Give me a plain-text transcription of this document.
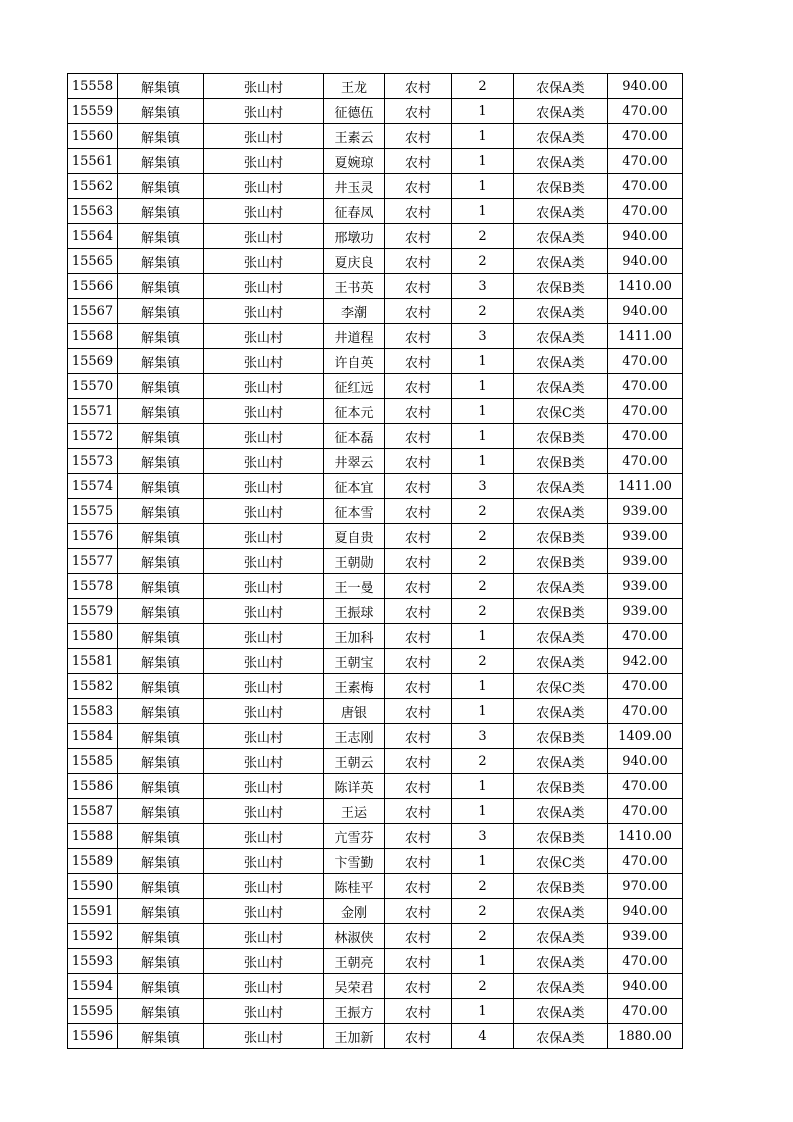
15558	解集镇	张山村	王龙	农村	2	农保A类	940.00
15559	解集镇	张山村	征德伍	农村	1	农保A类	470.00
15560	解集镇	张山村	王素云	农村	1	农保A类	470.00
15561	解集镇	张山村	夏婉琼	农村	1	农保A类	470.00
15562	解集镇	张山村	井玉灵	农村	1	农保B类	470.00
15563	解集镇	张山村	征春凤	农村	1	农保A类	470.00
15564	解集镇	张山村	邢墩功	农村	2	农保A类	940.00
15565	解集镇	张山村	夏庆良	农村	2	农保A类	940.00
15566	解集镇	张山村	王书英	农村	3	农保B类	1410.00
15567	解集镇	张山村	李潮	农村	2	农保A类	940.00
15568	解集镇	张山村	井道程	农村	3	农保A类	1411.00
15569	解集镇	张山村	许自英	农村	1	农保A类	470.00
15570	解集镇	张山村	征红远	农村	1	农保A类	470.00
15571	解集镇	张山村	征本元	农村	1	农保C类	470.00
15572	解集镇	张山村	征本磊	农村	1	农保B类	470.00
15573	解集镇	张山村	井翠云	农村	1	农保B类	470.00
15574	解集镇	张山村	征本宜	农村	3	农保A类	1411.00
15575	解集镇	张山村	征本雪	农村	2	农保A类	939.00
15576	解集镇	张山村	夏自贵	农村	2	农保B类	939.00
15577	解集镇	张山村	王朝勋	农村	2	农保B类	939.00
15578	解集镇	张山村	王一曼	农村	2	农保A类	939.00
15579	解集镇	张山村	王振球	农村	2	农保B类	939.00
15580	解集镇	张山村	王加科	农村	1	农保A类	470.00
15581	解集镇	张山村	王朝宝	农村	2	农保A类	942.00
15582	解集镇	张山村	王素梅	农村	1	农保C类	470.00
15583	解集镇	张山村	唐银	农村	1	农保A类	470.00
15584	解集镇	张山村	王志刚	农村	3	农保B类	1409.00
15585	解集镇	张山村	王朝云	农村	2	农保A类	940.00
15586	解集镇	张山村	陈详英	农村	1	农保B类	470.00
15587	解集镇	张山村	王运	农村	1	农保A类	470.00
15588	解集镇	张山村	亢雪芬	农村	3	农保B类	1410.00
15589	解集镇	张山村	卞雪勤	农村	1	农保C类	470.00
15590	解集镇	张山村	陈桂平	农村	2	农保B类	970.00
15591	解集镇	张山村	金刚	农村	2	农保A类	940.00
15592	解集镇	张山村	林淑侠	农村	2	农保A类	939.00
15593	解集镇	张山村	王朝亮	农村	1	农保A类	470.00
15594	解集镇	张山村	吴荣君	农村	2	农保A类	940.00
15595	解集镇	张山村	王振方	农村	1	农保A类	470.00
15596	解集镇	张山村	王加新	农村	4	农保A类	1880.00
